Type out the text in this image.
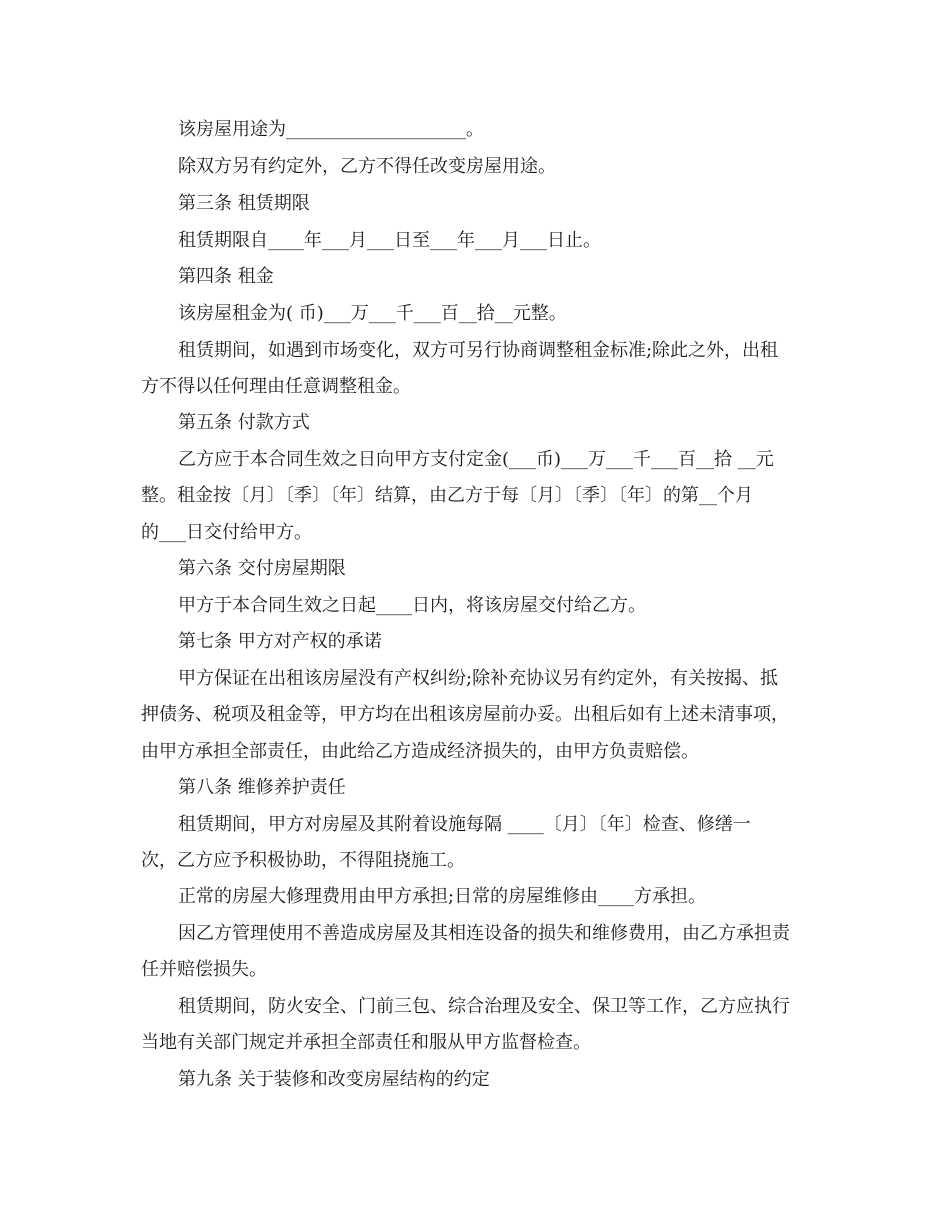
该房屋用途为____________________。
除双方另有约定外，乙方不得任改变房屋用途。
第三条 租赁期限
租赁期限自____年___月___日至___年___月___日止。
第四条 租金
该房屋租金为( 币)___万___千___百__拾__元整。
租赁期间，如遇到市场变化，双方可另行协商调整租金标准;除此之外，出租
方不得以任何理由任意调整租金。
第五条 付款方式
乙方应于本合同生效之日向甲方支付定金(___币)___万___千___百__拾 __元
整。租金按〔月〕〔季〕〔年〕结算，由乙方于每〔月〕〔季〕〔年〕的第__个月
的___日交付给甲方。
第六条 交付房屋期限
甲方于本合同生效之日起____日内，将该房屋交付给乙方。
第七条 甲方对产权的承诺
甲方保证在出租该房屋没有产权纠纷;除补充协议另有约定外，有关按揭、抵
押债务、税项及租金等，甲方均在出租该房屋前办妥。出租后如有上述未清事项，
由甲方承担全部责任，由此给乙方造成经济损失的，由甲方负责赔偿。
第八条 维修养护责任
租赁期间，甲方对房屋及其附着设施每隔 ____〔月〕〔年〕检查、修缮一
次，乙方应予积极协助，不得阻挠施工。
正常的房屋大修理费用由甲方承担;日常的房屋维修由____方承担。
因乙方管理使用不善造成房屋及其相连设备的损失和维修费用，由乙方承担责
任并赔偿损失。
租赁期间，防火安全、门前三包、综合治理及安全、保卫等工作，乙方应执行
当地有关部门规定并承担全部责任和服从甲方监督检查。
第九条 关于装修和改变房屋结构的约定
